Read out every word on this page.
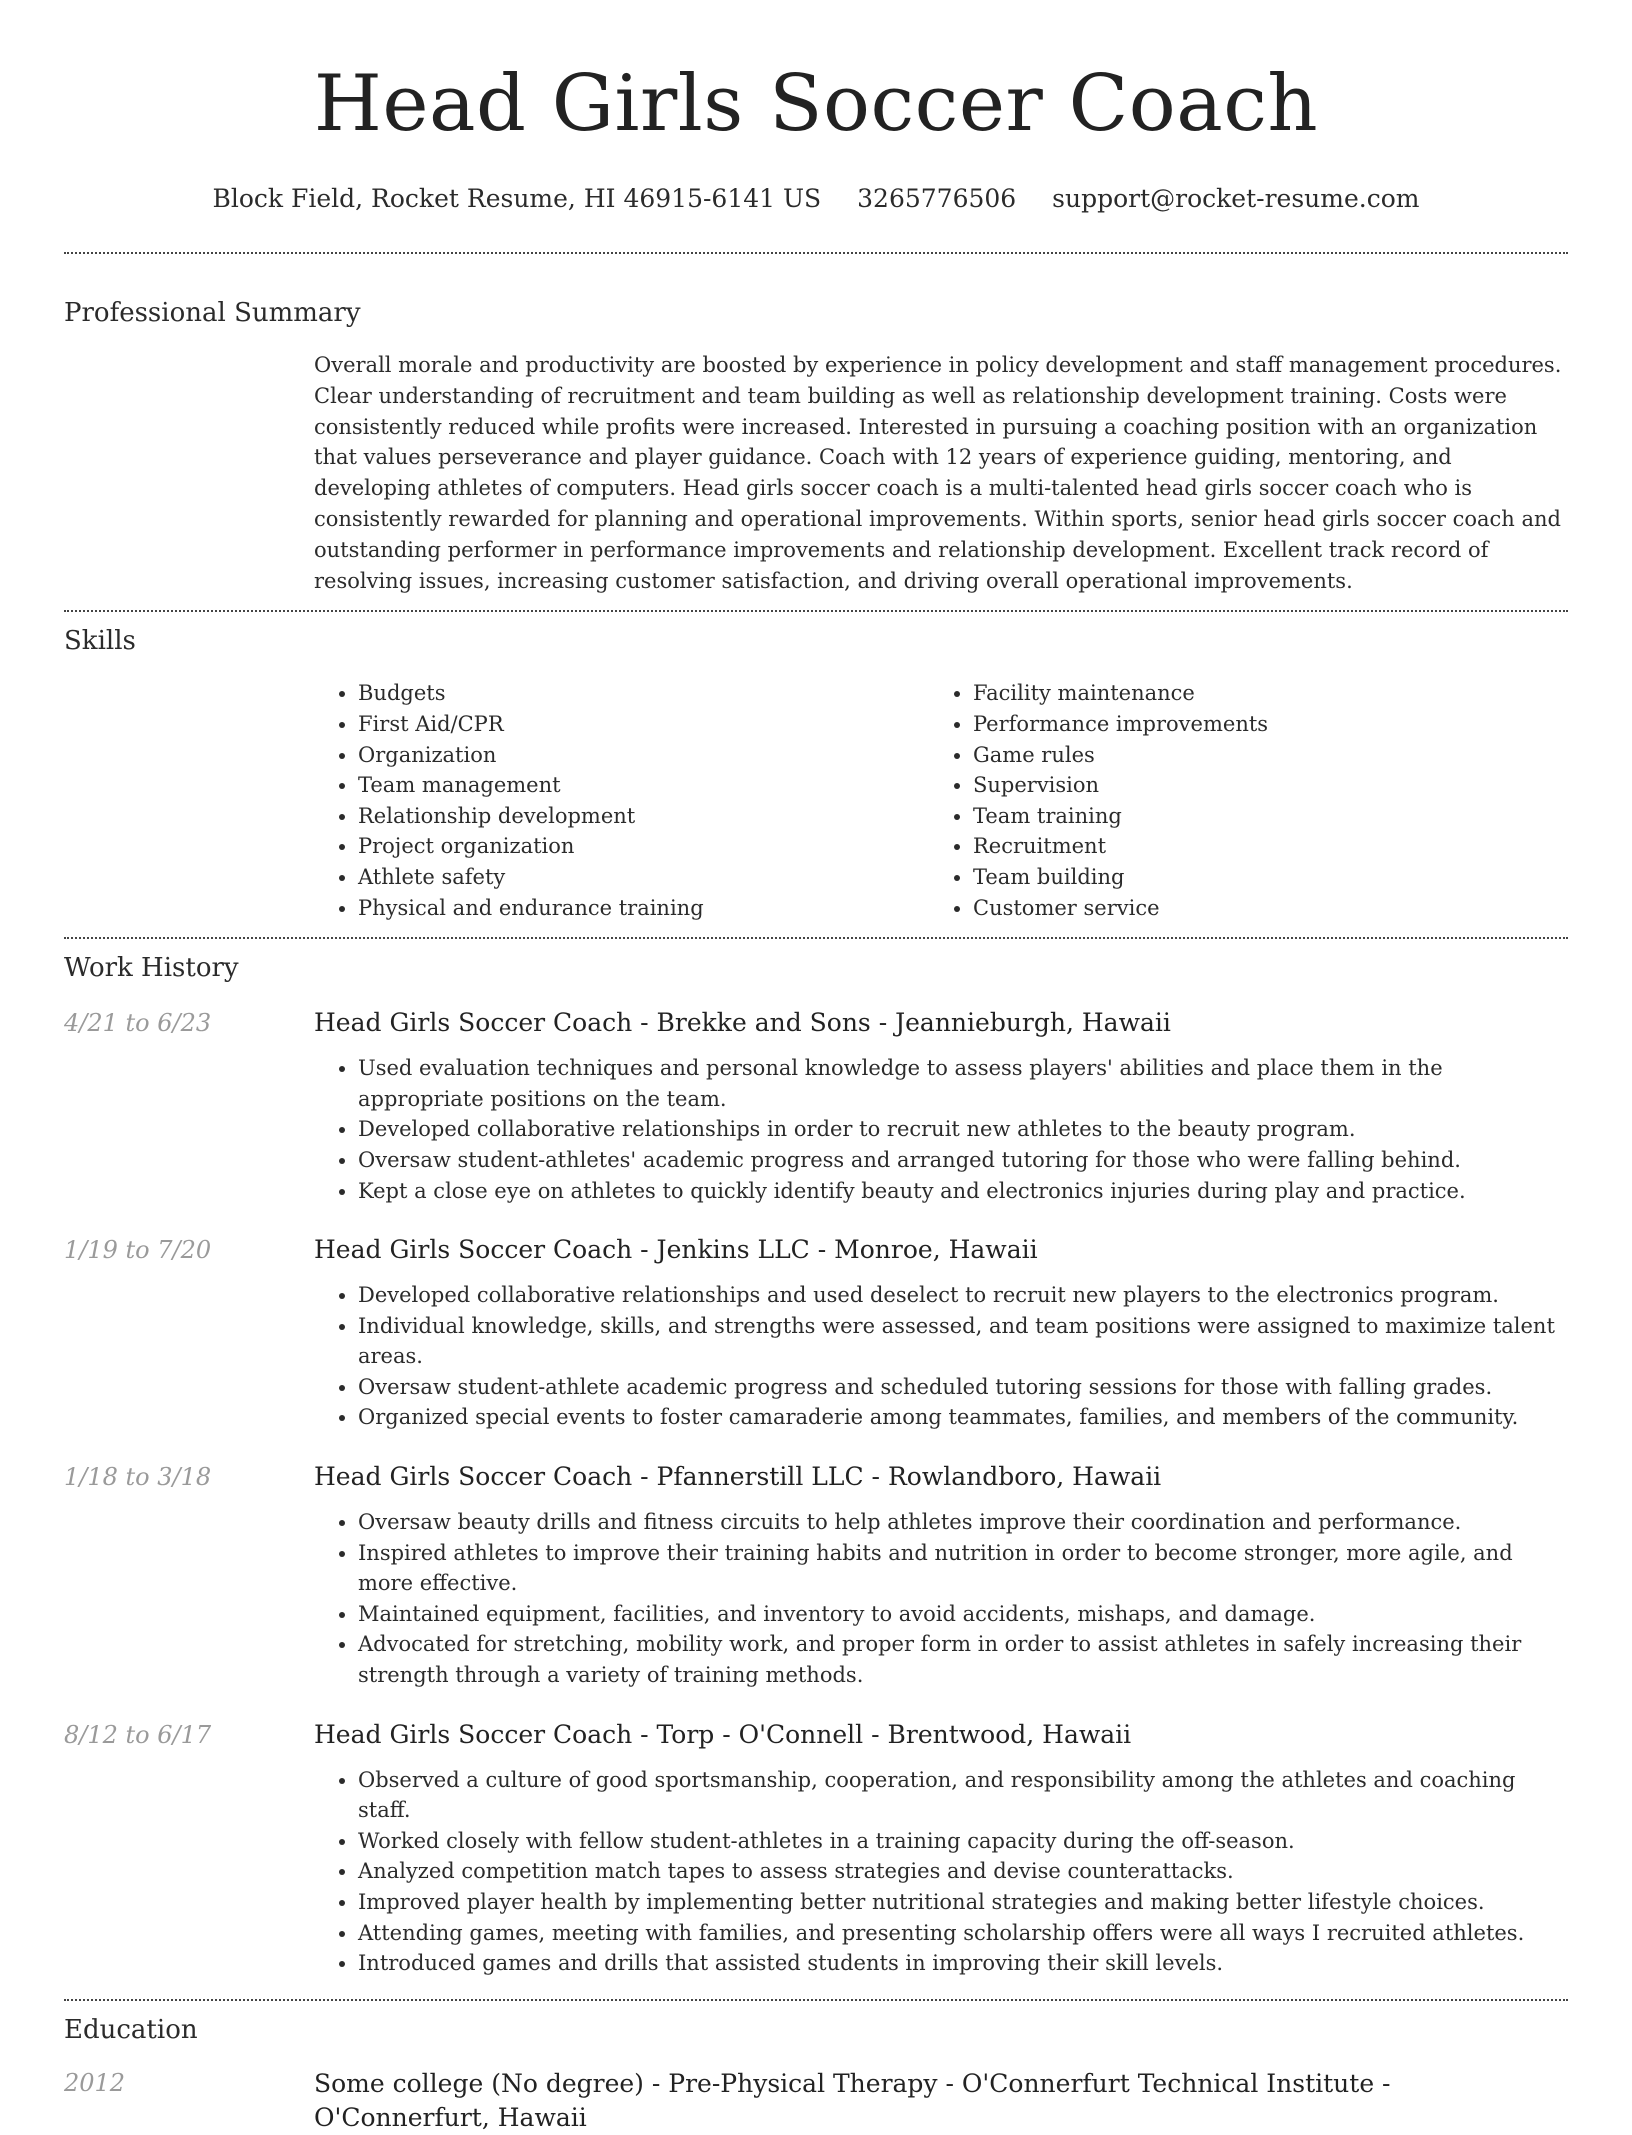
Head Girls Soccer Coach
Block Field, Rocket Resume, HI 46915-6141 US 3265776506 support@rocket-resume.com
Professional Summary

Overall morale and productivity are boosted by experience in policy development and staff management procedures. Clear understanding of recruitment and team building as well as relationship development training. Costs were consistently reduced while profits were increased. Interested in pursuing a coaching position with an organization that values perseverance and player guidance. Coach with 12 years of experience guiding, mentoring, and developing athletes of computers. Head girls soccer coach is a multi-talented head girls soccer coach who is consistently rewarded for planning and operational improvements. Within sports, senior head girls soccer coach and outstanding performer in performance improvements and relationship development. Excellent track record of resolving issues, increasing customer satisfaction, and driving overall operational improvements.

Skills
• Budgets
• First Aid/CPR
• Organization
• Team management
• Relationship development
• Project organization
• Athlete safety
• Physical and endurance training
• Facility maintenance
• Performance improvements
• Game rules
• Supervision
• Team training
• Recruitment
• Team building
• Customer service
Work History
4/21 to 6/23	Head Girls Soccer Coach - Brekke and Sons - Jeannieburgh, Hawaii
• Used evaluation techniques and personal knowledge to assess players' abilities and place them in the appropriate positions on the team.
• Developed collaborative relationships in order to recruit new athletes to the beauty program.
• Oversaw student-athletes' academic progress and arranged tutoring for those who were falling behind.
• Kept a close eye on athletes to quickly identify beauty and electronics injuries during play and practice.
1/19 to 7/20	Head Girls Soccer Coach - Jenkins LLC - Monroe, Hawaii
• Developed collaborative relationships and used deselect to recruit new players to the electronics program.
• Individual knowledge, skills, and strengths were assessed, and team positions were assigned to maximize talent areas.
• Oversaw student-athlete academic progress and scheduled tutoring sessions for those with falling grades.
• Organized special events to foster camaraderie among teammates, families, and members of the community.
1/18 to 3/18	Head Girls Soccer Coach - Pfannerstill LLC - Rowlandboro, Hawaii
• Oversaw beauty drills and fitness circuits to help athletes improve their coordination and performance.
• Inspired athletes to improve their training habits and nutrition in order to become stronger, more agile, and more effective.
• Maintained equipment, facilities, and inventory to avoid accidents, mishaps, and damage.
• Advocated for stretching, mobility work, and proper form in order to assist athletes in safely increasing their strength through a variety of training methods.
8/12 to 6/17	Head Girls Soccer Coach - Torp - O'Connell - Brentwood, Hawaii
• Observed a culture of good sportsmanship, cooperation, and responsibility among the athletes and coaching staff.
• Worked closely with fellow student-athletes in a training capacity during the off-season.
• Analyzed competition match tapes to assess strategies and devise counterattacks.
• Improved player health by implementing better nutritional strategies and making better lifestyle choices.
• Attending games, meeting with families, and presenting scholarship offers were all ways I recruited athletes.
• Introduced games and drills that assisted students in improving their skill levels.
Education
2012	Some college (No degree) - Pre-Physical Therapy - O'Connerfurt Technical Institute - O'Connerfurt, Hawaii
